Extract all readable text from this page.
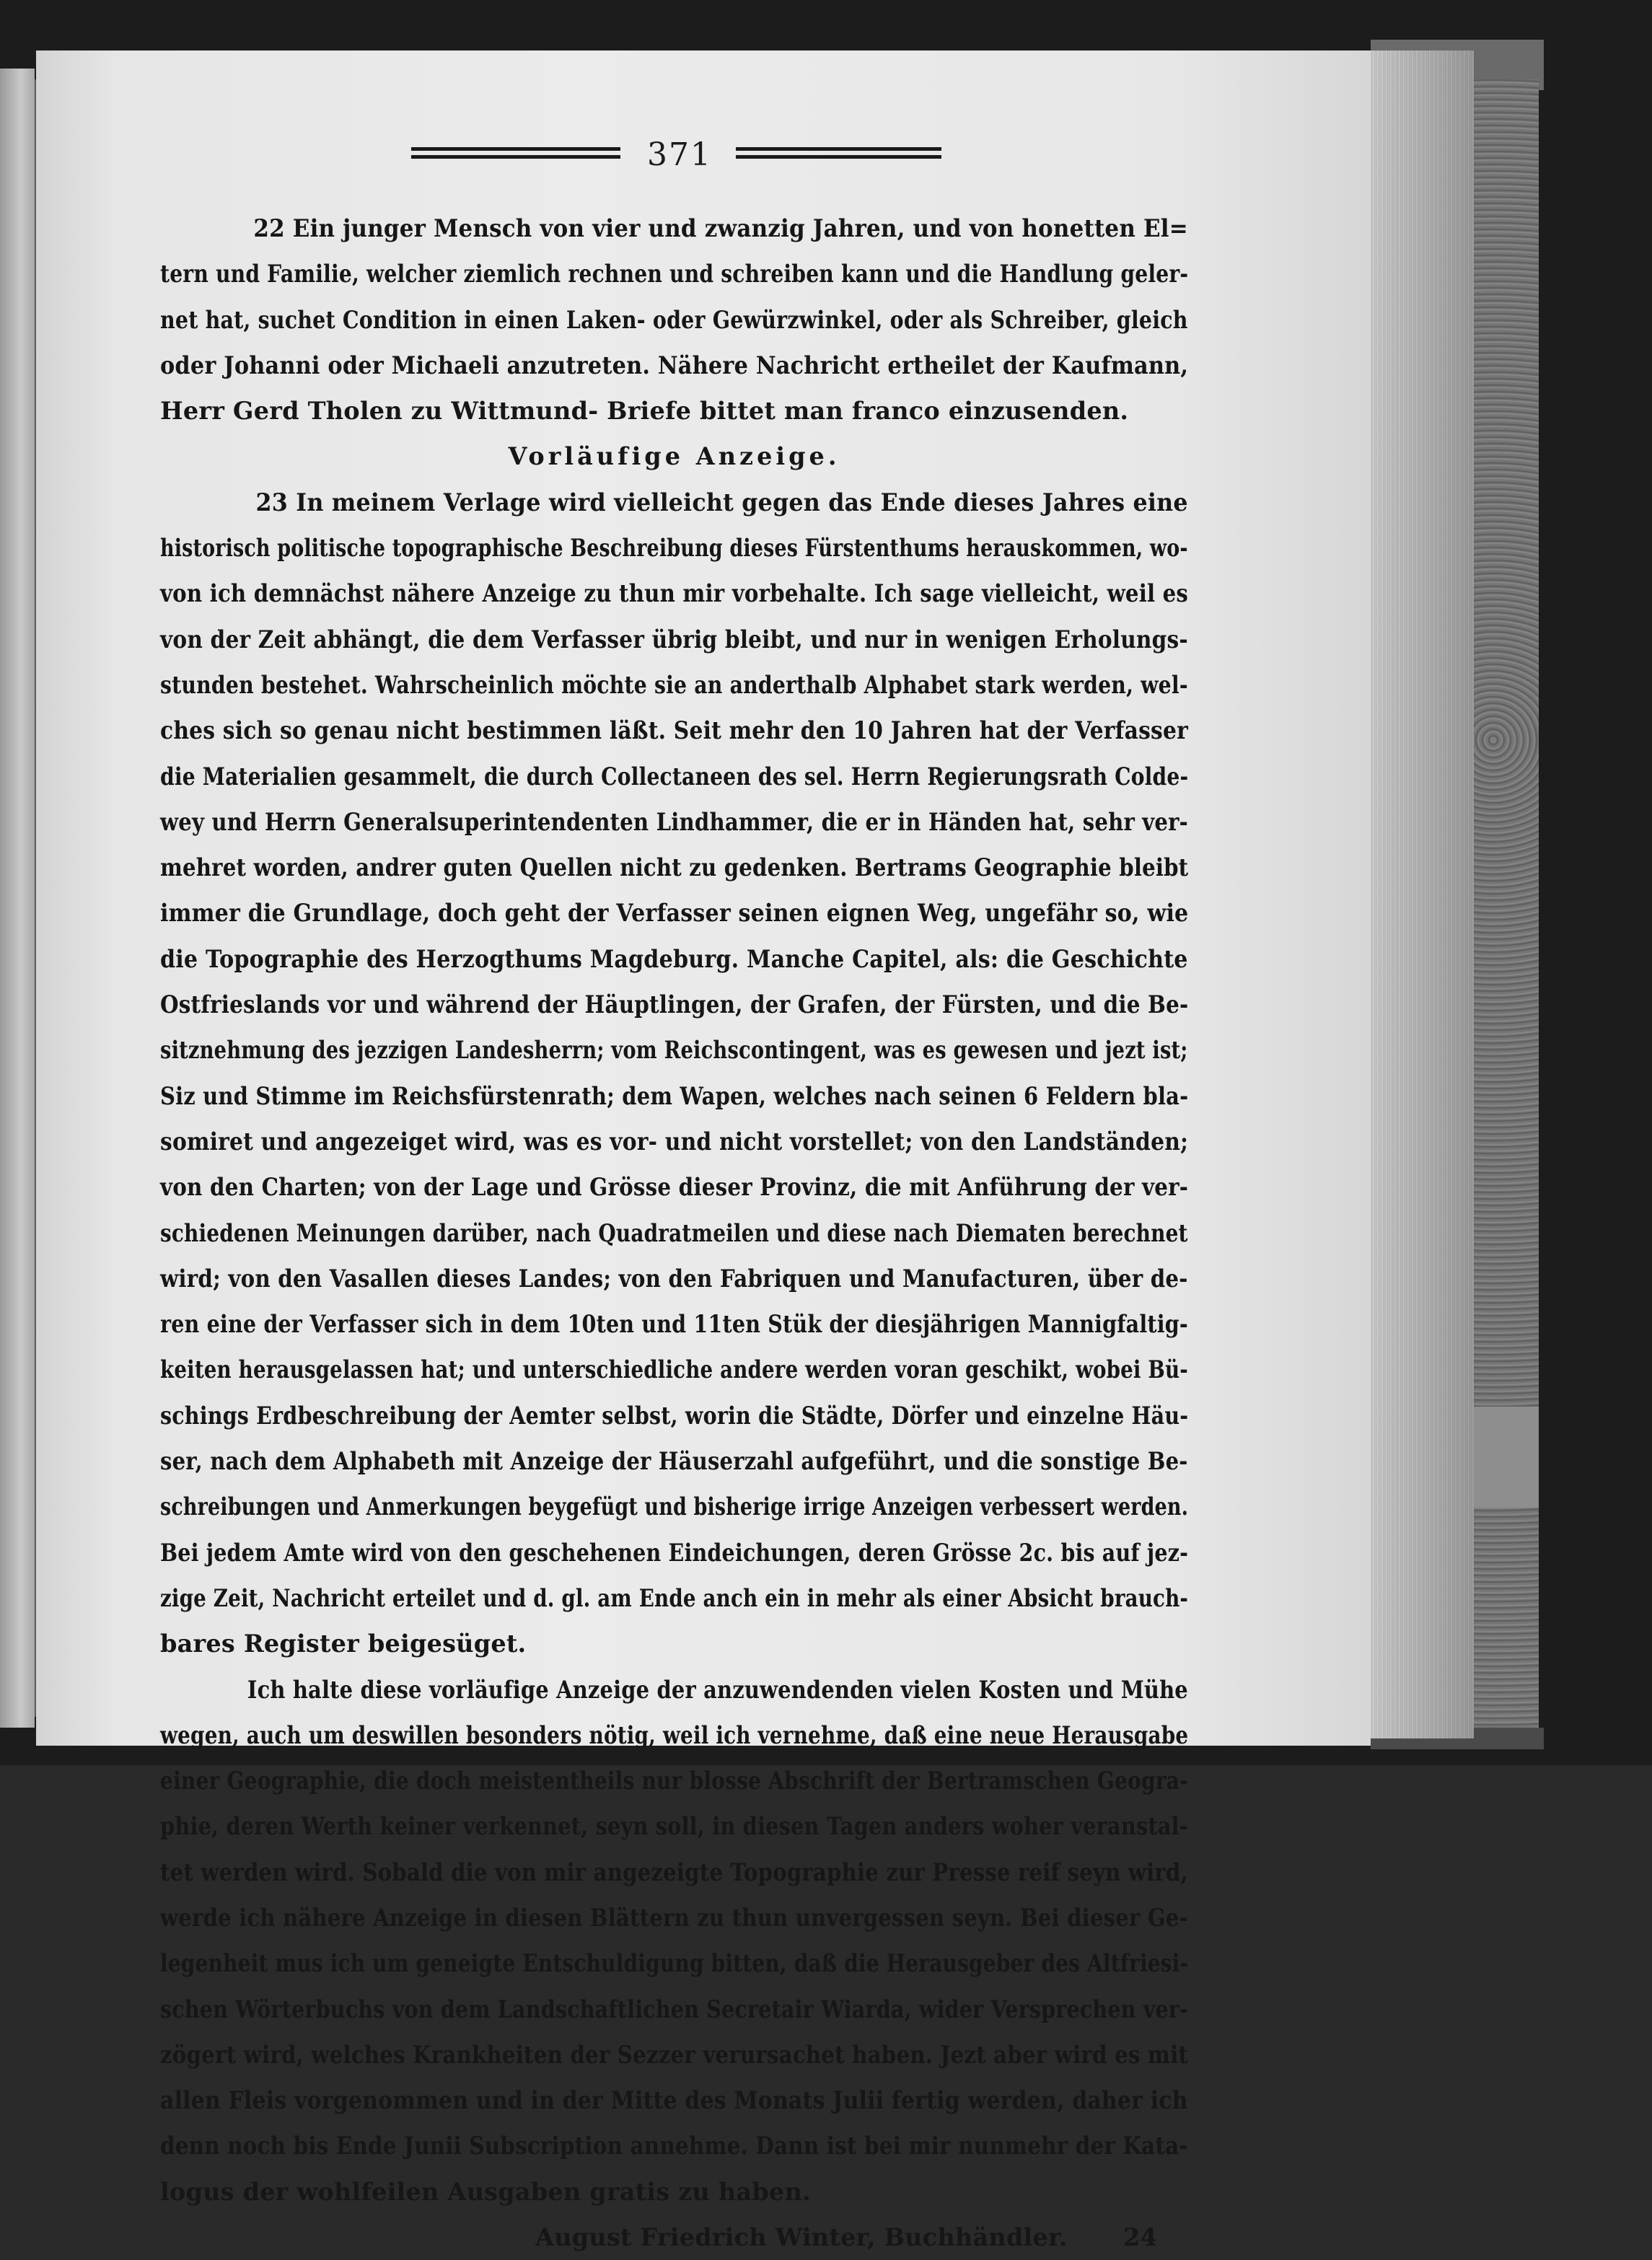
371
22 Ein junger Mensch von vier und zwanzig Jahren, und von honetten El=
tern und Familie, welcher ziemlich rechnen und schreiben kann und die Handlung geler-
net hat, suchet Condition in einen Laken- oder Gewürzwinkel, oder als Schreiber, gleich
oder Johanni oder Michaeli anzutreten. Nähere Nachricht ertheilet der Kaufmann,
Herr Gerd Tholen zu Wittmund- Briefe bittet man franco einzusenden.
Vorläufige Anzeige.
23 In meinem Verlage wird vielleicht gegen das Ende dieses Jahres eine
historisch politische topographische Beschreibung dieses Fürstenthums herauskommen, wo-
von ich demnächst nähere Anzeige zu thun mir vorbehalte. Ich sage vielleicht, weil es
von der Zeit abhängt, die dem Verfasser übrig bleibt, und nur in wenigen Erholungs-
stunden bestehet. Wahrscheinlich möchte sie an anderthalb Alphabet stark werden, wel-
ches sich so genau nicht bestimmen läßt. Seit mehr den 10 Jahren hat der Verfasser
die Materialien gesammelt, die durch Collectaneen des sel. Herrn Regierungsrath Colde-
wey und Herrn Generalsuperintendenten Lindhammer, die er in Händen hat, sehr ver-
mehret worden, andrer guten Quellen nicht zu gedenken. Bertrams Geographie bleibt
immer die Grundlage, doch geht der Verfasser seinen eignen Weg, ungefähr so, wie
die Topographie des Herzogthums Magdeburg. Manche Capitel, als: die Geschichte
Ostfrieslands vor und während der Häuptlingen, der Grafen, der Fürsten, und die Be-
sitznehmung des jezzigen Landesherrn; vom Reichscontingent, was es gewesen und jezt ist;
Siz und Stimme im Reichsfürstenrath; dem Wapen, welches nach seinen 6 Feldern bla-
somiret und angezeiget wird, was es vor- und nicht vorstellet; von den Landständen;
von den Charten; von der Lage und Grösse dieser Provinz, die mit Anführung der ver-
schiedenen Meinungen darüber, nach Quadratmeilen und diese nach Diematen berechnet
wird; von den Vasallen dieses Landes; von den Fabriquen und Manufacturen, über de-
ren eine der Verfasser sich in dem 10ten und 11ten Stük der diesjährigen Mannigfaltig-
keiten herausgelassen hat; und unterschiedliche andere werden voran geschikt, wobei Bü-
schings Erdbeschreibung der Aemter selbst, worin die Städte, Dörfer und einzelne Häu-
ser, nach dem Alphabeth mit Anzeige der Häuserzahl aufgeführt, und die sonstige Be-
schreibungen und Anmerkungen beygefügt und bisherige irrige Anzeigen verbessert werden.
Bei jedem Amte wird von den geschehenen Eindeichungen, deren Grösse 2c. bis auf jez-
zige Zeit, Nachricht erteilet und d. gl. am Ende anch ein in mehr als einer Absicht brauch-
bares Register beigesüget.
Ich halte diese vorläufige Anzeige der anzuwendenden vielen Kosten und Mühe
wegen, auch um deswillen besonders nötig, weil ich vernehme, daß eine neue Herausgabe
einer Geographie, die doch meistentheils nur blosse Abschrift der Bertramschen Geogra-
phie, deren Werth keiner verkennet, seyn soll, in diesen Tagen anders woher veranstal-
tet werden wird. Sobald die von mir angezeigte Topographie zur Presse reif seyn wird,
werde ich nähere Anzeige in diesen Blättern zu thun unvergessen seyn. Bei dieser Ge-
legenheit mus ich um geneigte Entschuldigung bitten, daß die Herausgeber des Altfriesi-
schen Wörterbuchs von dem Landschaftlichen Secretair Wiarda, wider Versprechen ver-
zögert wird, welches Krankheiten der Sezzer verursachet haben. Jezt aber wird es mit
allen Fleis vorgenommen und in der Mitte des Monats Julii fertig werden, daher ich
denn noch bis Ende Junii Subscription annehme. Dann ist bei mir nunmehr der Kata-
logus der wohlfeilen Ausgaben gratis zu haben.
August Friedrich Winter, Buchhändler. 24
